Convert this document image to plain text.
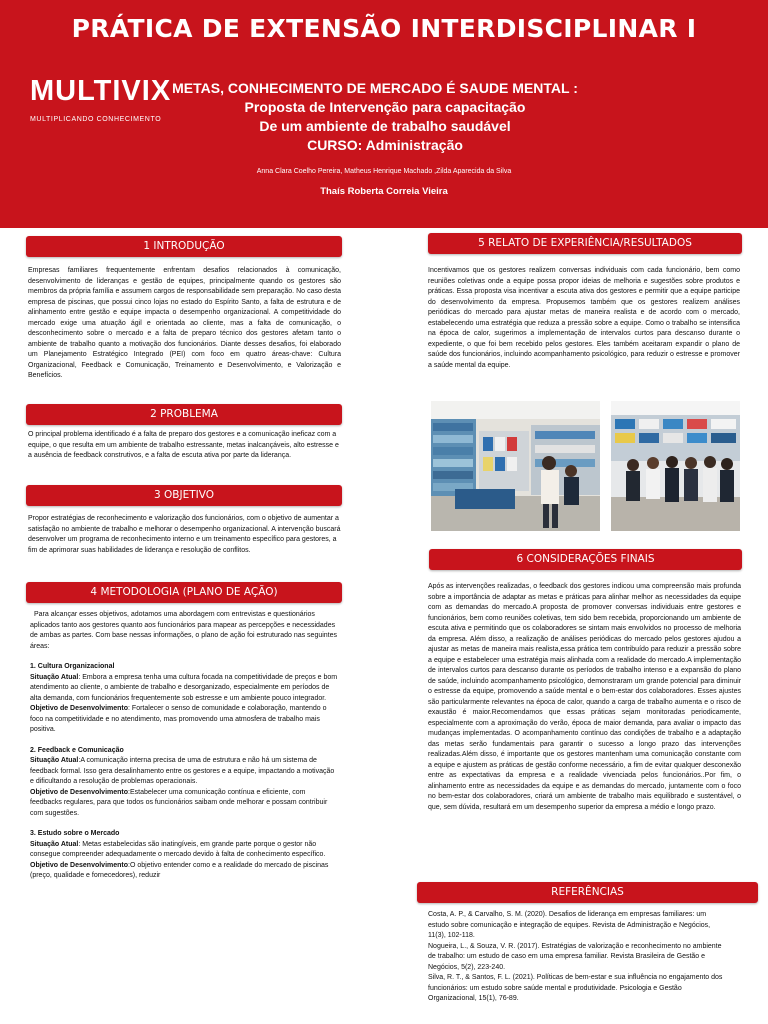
PRÁTICA DE EXTENSÃO INTERDISCIPLINAR I
MULTIVIX
MULTIPLICANDO CONHECIMENTO
METAS, CONHECIMENTO DE MERCADO É SAUDE MENTAL :
Proposta de Intervenção para capacitação
De um ambiente de trabalho saudável
CURSO: Administração
Anna Clara Coelho Pereira, Matheus Henrique Machado ,Zilda Aparecida da Silva
Thaís Roberta Correia Vieira
1 INTRODUÇÃO
Empresas familiares frequentemente enfrentam desafios relacionados à comunicação, desenvolvimento de lideranças e gestão de equipes, principalmente quando os gestores são membros da própria família e assumem cargos de responsabilidade sem preparação. No caso desta empresa de piscinas, que possui cinco lojas no estado do Espírito Santo, a falta de estrutura e de alinhamento entre gestão e equipe impacta o desempenho organizacional. A competitividade do mercado exige uma atuação ágil e orientada ao cliente, mas a falta de comunicação, o desconhecimento sobre o mercado e a falta de preparo técnico dos gestores afetam tanto o ambiente de trabalho quanto a motivação dos funcionários. Diante desses desafios, foi elaborado um Planejamento Estratégico Integrado (PEI) com foco em quatro áreas-chave: Cultura Organizacional, Feedback e Comunicação, Treinamento e Desenvolvimento, e Valorização e Benefícios.
2 PROBLEMA
O principal problema identificado é a falta de preparo dos gestores e a comunicação ineficaz com a equipe, o que resulta em um ambiente de trabalho estressante, metas inalcançáveis, alto estresse e a ausência de feedback construtivos, e a falta de escuta ativa por parte da liderança.
3 OBJETIVO
Propor estratégias de reconhecimento e valorização dos funcionários, com o objetivo de aumentar a satisfação no ambiente de trabalho e melhorar o desempenho organizacional. A intervenção buscará desenvolver um programa de reconhecimento interno e um treinamento específico para gestores, a fim de aprimorar suas habilidades de liderança e resolução de conflitos.
4 METODOLOGIA (PLANO DE AÇÃO)

Para alcançar esses objetivos, adotamos uma abordagem com entrevistas e questionários aplicados tanto aos gestores quanto aos funcionários para mapear as percepções e necessidades de ambas as partes. Com base nessas informações, o plano de ação foi estruturado nas seguintes áreas:

1. Cultura Organizacional

Situação Atual: Embora a empresa tenha uma cultura focada na competitividade de preços e bom atendimento ao cliente, o ambiente de trabalho e desorganizado, especialmente em períodos de alta demanda, com funcionários frequentemente sob estresse e um ambiente pouco integrador.

Objetivo de Desenvolvimento: Fortalecer o senso de comunidade e colaboração, mantendo o foco na competitividade e no atendimento, mas promovendo uma atmosfera de trabalho mais positiva.

2. Feedback e Comunicação

Situação Atual:A comunicação interna precisa de uma de estrutura e não há um sistema de feedback formal. Isso gera desalinhamento entre os gestores e a equipe, impactando a motivação e dificultando a resolução de problemas operacionais.

Objetivo de Desenvolvimento:Estabelecer uma comunicação contínua e eficiente, com feedbacks regulares, para que todos os funcionários saibam onde melhorar e possam contribuir com sugestões.

3. Estudo sobre o Mercado

Situação Atual: Metas estabelecidas são inatingíveis, em grande parte porque o gestor não consegue compreender adequadamente o mercado devido à falta de conhecimento específico.

Objetivo de Desenvolvimento:O objetivo entender como e a realidade do mercado de piscinas (preço, qualidade e fornecedores), reduzir

5 RELATO DE EXPERIÊNCIA/RESULTADOS
Incentivamos que os gestores realizem conversas individuais com cada funcionário, bem como reuniões coletivas onde a equipe possa propor ideias de melhoria e sugestões sobre produtos e práticas. Essa proposta visa incentivar a escuta ativa dos gestores e permitir que a equipe participe do desenvolvimento da empresa. Propusemos também que os gestores realizem análises periódicas do mercado para ajustar metas de maneira realista e de acordo com o mercado, estabelecendo uma estratégia que reduza a pressão sobre a equipe. Como o trabalho se intensifica na época de calor, sugerimos a implementação de intervalos curtos para descanso durante o expediente, o que foi bem recebido pelos gestores. Eles também aceitaram expandir o plano de saúde dos funcionários, incluindo acompanhamento psicológico, para reduzir o estresse e promover a saúde mental da equipe.
6 CONSIDERAÇÕES FINAIS
Após as intervenções realizadas, o feedback dos gestores indicou uma compreensão mais profunda sobre a importância de adaptar as metas e práticas para alinhar melhor as necessidades da equipe com as demandas do mercado.A proposta de promover conversas individuais entre gestores e funcionários, bem como reuniões coletivas, tem sido bem recebida, proporcionando um ambiente de escuta ativa e permitindo que os colaboradores se sintam mais envolvidos no processo de melhoria da empresa. Além disso, a realização de análises periódicas do mercado pelos gestores ajudou a ajustar as metas de maneira mais realista,essa prática tem contribuído para reduzir a pressão sobre a equipe e estabelecer uma estratégia mais alinhada com a realidade do mercado.A implementação de intervalos curtos para descanso durante os períodos de trabalho intenso e a expansão do plano de saúde, incluindo acompanhamento psicológico, demonstraram um grande potencial para diminuir o estresse da equipe, promovendo a saúde mental e o bem-estar dos colaboradores. Esses ajustes são particularmente relevantes na época de calor, quando a carga de trabalho aumenta e o risco de exaustão é maior.Recomendamos que essas práticas sejam monitoradas periodicamente, especialmente com a aproximação do verão, época de maior demanda, para avaliar o impacto das mudanças implementadas. O acompanhamento contínuo das condições de trabalho e a adaptação das metas serão fundamentais para garantir o sucesso a longo prazo das intervenções realizadas.Além disso, é importante que os gestores mantenham uma comunicação constante com a equipe e ajustem as práticas de gestão conforme necessário, a fim de evitar qualquer desconexão entre as expectativas da empresa e a realidade vivenciada pelos funcionários..Por fim, o alinhamento entre as necessidades da equipe e as demandas do mercado, juntamente com o foco no bem-estar dos colaboradores, criará um ambiente de trabalho mais equilibrado e sustentável, o que, sem dúvida, resultará em um desempenho superior da empresa a médio e longo prazo.
REFERÊNCIAS

Costa, A. P., & Carvalho, S. M. (2020). Desafios de liderança em empresas familiares: um

estudo sobre comunicação e integração de equipes. Revista de Administração e Negócios,

11(3), 102-118.

Nogueira, L., & Souza, V. R. (2017). Estratégias de valorização e reconhecimento no ambiente

de trabalho: um estudo de caso em uma empresa familiar. Revista Brasileira de Gestão e

Negócios, 5(2), 223-240.

Silva, R. T., & Santos, F. L. (2021). Políticas de bem-estar e sua influência no engajamento dos

funcionários: um estudo sobre saúde mental e produtividade. Psicologia e Gestão

Organizacional, 15(1), 76-89.
